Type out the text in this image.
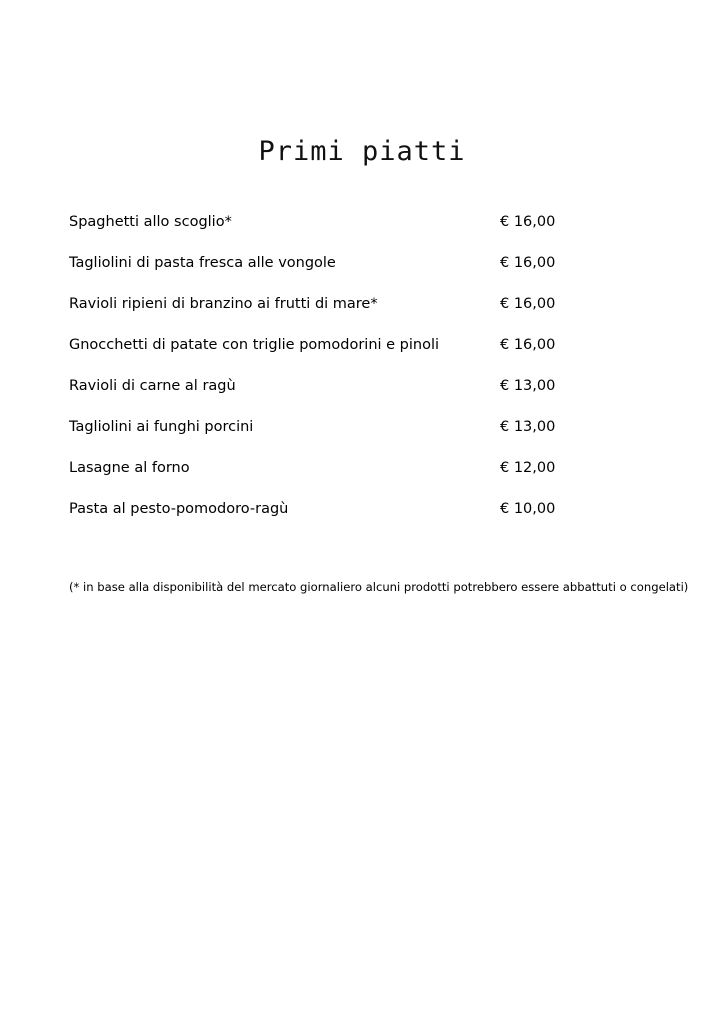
Primi piatti
Spaghetti allo scoglio*	€ 16,00
Tagliolini di pasta fresca alle vongole	€ 16,00
Ravioli ripieni di branzino ai frutti di mare*	€ 16,00
Gnocchetti di patate con triglie pomodorini e pinoli	€ 16,00
Ravioli di carne al ragù	€ 13,00
Tagliolini ai funghi porcini	€ 13,00
Lasagne al forno	€ 12,00
Pasta al pesto-pomodoro-ragù	€ 10,00
(* in base alla disponibilità del mercato giornaliero alcuni prodotti potrebbero essere abbattuti o congelati)
